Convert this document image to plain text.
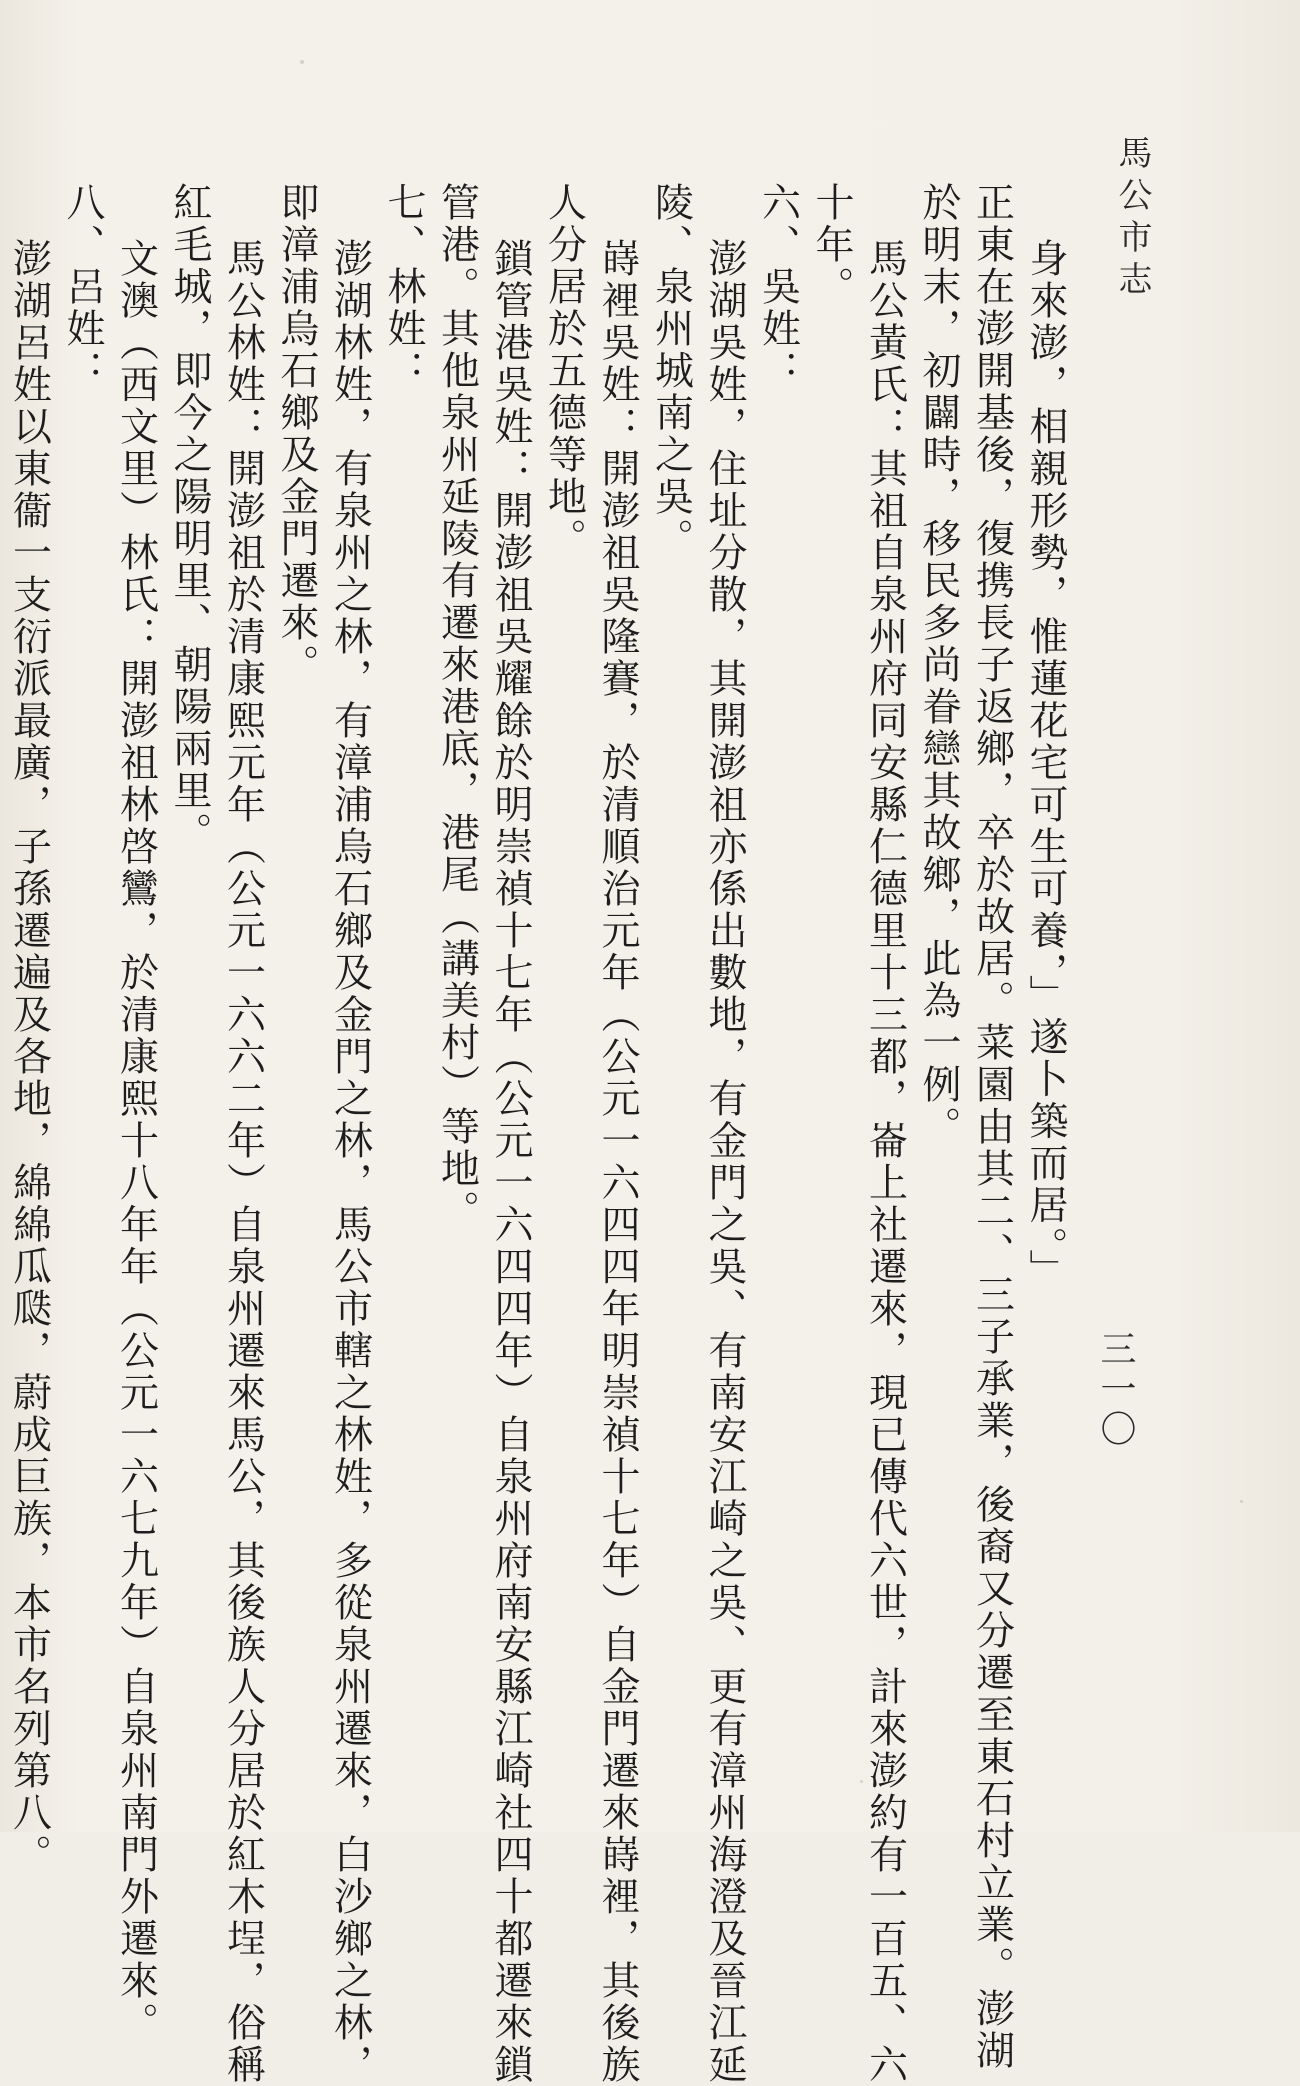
馬公市志
三一〇
身來澎，相親形勢，惟蓮花宅可生可養，」遂卜築而居。」
正東在澎開基後，復携長子返鄉，卒於故居。菜園由其二、三子承業，後裔又分遷至東石村立業。澎湖
於明末，初闢時，移民多尚眷戀其故鄉，此為一例。
馬公黃氏：其祖自泉州府同安縣仁德里十三都，崙上社遷來，現已傳代六世，計來澎約有一百五、六
十年。
六、吳姓：
澎湖吳姓，住址分散，其開澎祖亦係出數地，有金門之吳、有南安江崎之吳、更有漳州海澄及晉江延
陵、泉州城南之吳。
嵵裡吳姓：開澎祖吳隆賽，於清順治元年（公元一六四四年明崇禎十七年）自金門遷來嵵裡，其後族
人分居於五德等地。
鎖管港吳姓：開澎祖吳耀餘於明崇禎十七年（公元一六四四年）自泉州府南安縣江崎社四十都遷來鎖
管港。其他泉州延陵有遷來港底，港尾（講美村）等地。
七、林姓：
澎湖林姓，有泉州之林，有漳浦烏石鄉及金門之林，馬公市轄之林姓，多從泉州遷來，白沙鄉之林，
即漳浦烏石鄉及金門遷來。
馬公林姓：開澎祖於清康熙元年（公元一六六二年）自泉州遷來馬公，其後族人分居於紅木埕，俗稱
紅毛城，即今之陽明里、朝陽兩里。
文澳（西文里）林氏：開澎祖林啓鸞，於清康熙十八年年（公元一六七九年）自泉州南門外遷來。
八、呂姓：
澎湖呂姓以東衞一支衍派最廣，子孫遷遍及各地，綿綿瓜瓞，蔚成巨族，本市名列第八。
